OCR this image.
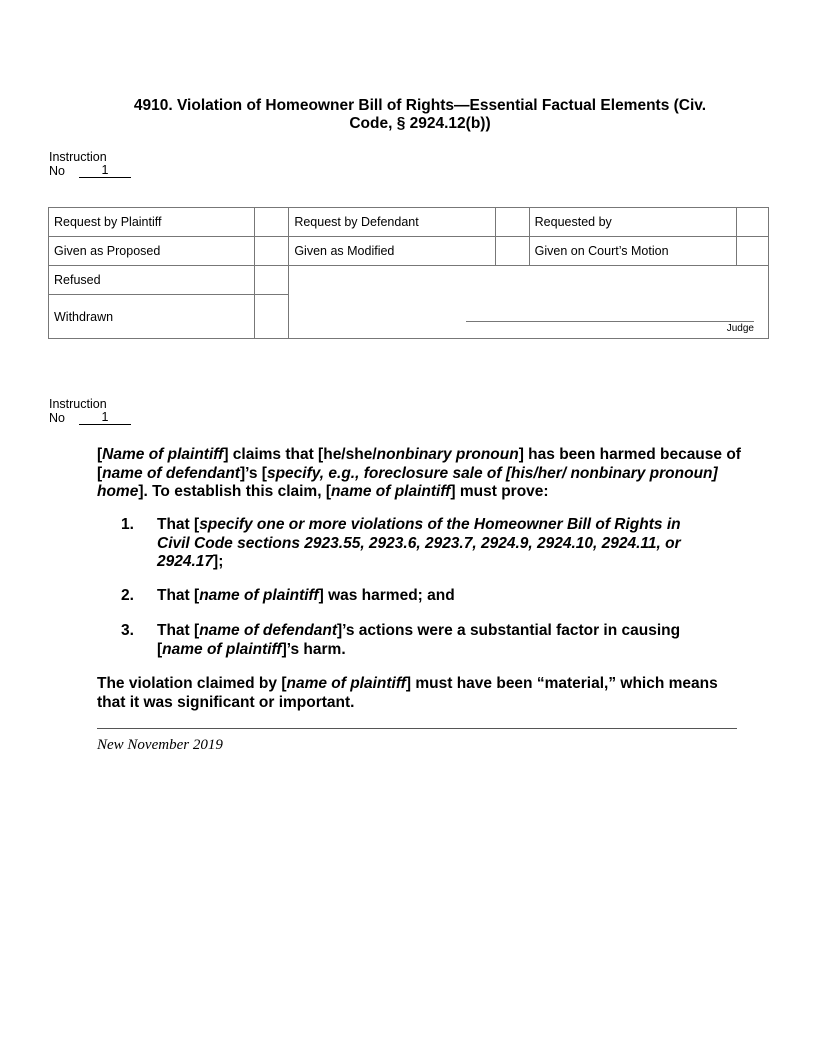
4910. Violation of Homeowner Bill of Rights—Essential Factual Elements (Civ.
Code, § 2924.12(b))
Instruction
No	1
Request by Plaintiff		Request by Defendant		Requested by	
Given as Proposed		Given as Modified		Given on Court’s Motion	
Refused					
Withdrawn					
Judge
Instruction
No	1
[Name of plaintiff] claims that [he/she/nonbinary pronoun] has been harmed because of [name of defendant]’s [specify, e.g., foreclosure sale of [his/her/ nonbinary pronoun] home]. To establish this claim, [name of plaintiff] must prove:
1. That [specify one or more violations of the Homeowner Bill of Rights in Civil Code sections 2923.55, 2923.6, 2923.7, 2924.9, 2924.10, 2924.11, or 2924.17];
2. That [name of plaintiff] was harmed; and
3. That [name of defendant]’s actions were a substantial factor in causing [name of plaintiff]’s harm.
The violation claimed by [name of plaintiff] must have been “material,” which means that it was significant or important.
New November 2019
